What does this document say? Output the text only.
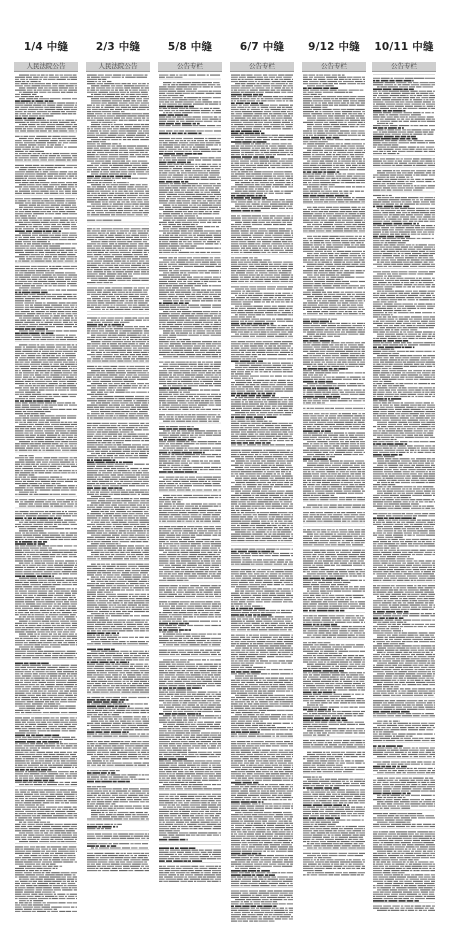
1/4 中缝
人民法院公告
2/3 中缝
人民法院公告
5/8 中缝
公告专栏
6/7 中缝
公告专栏
9/12 中缝
公告专栏
10/11 中缝
公告专栏
